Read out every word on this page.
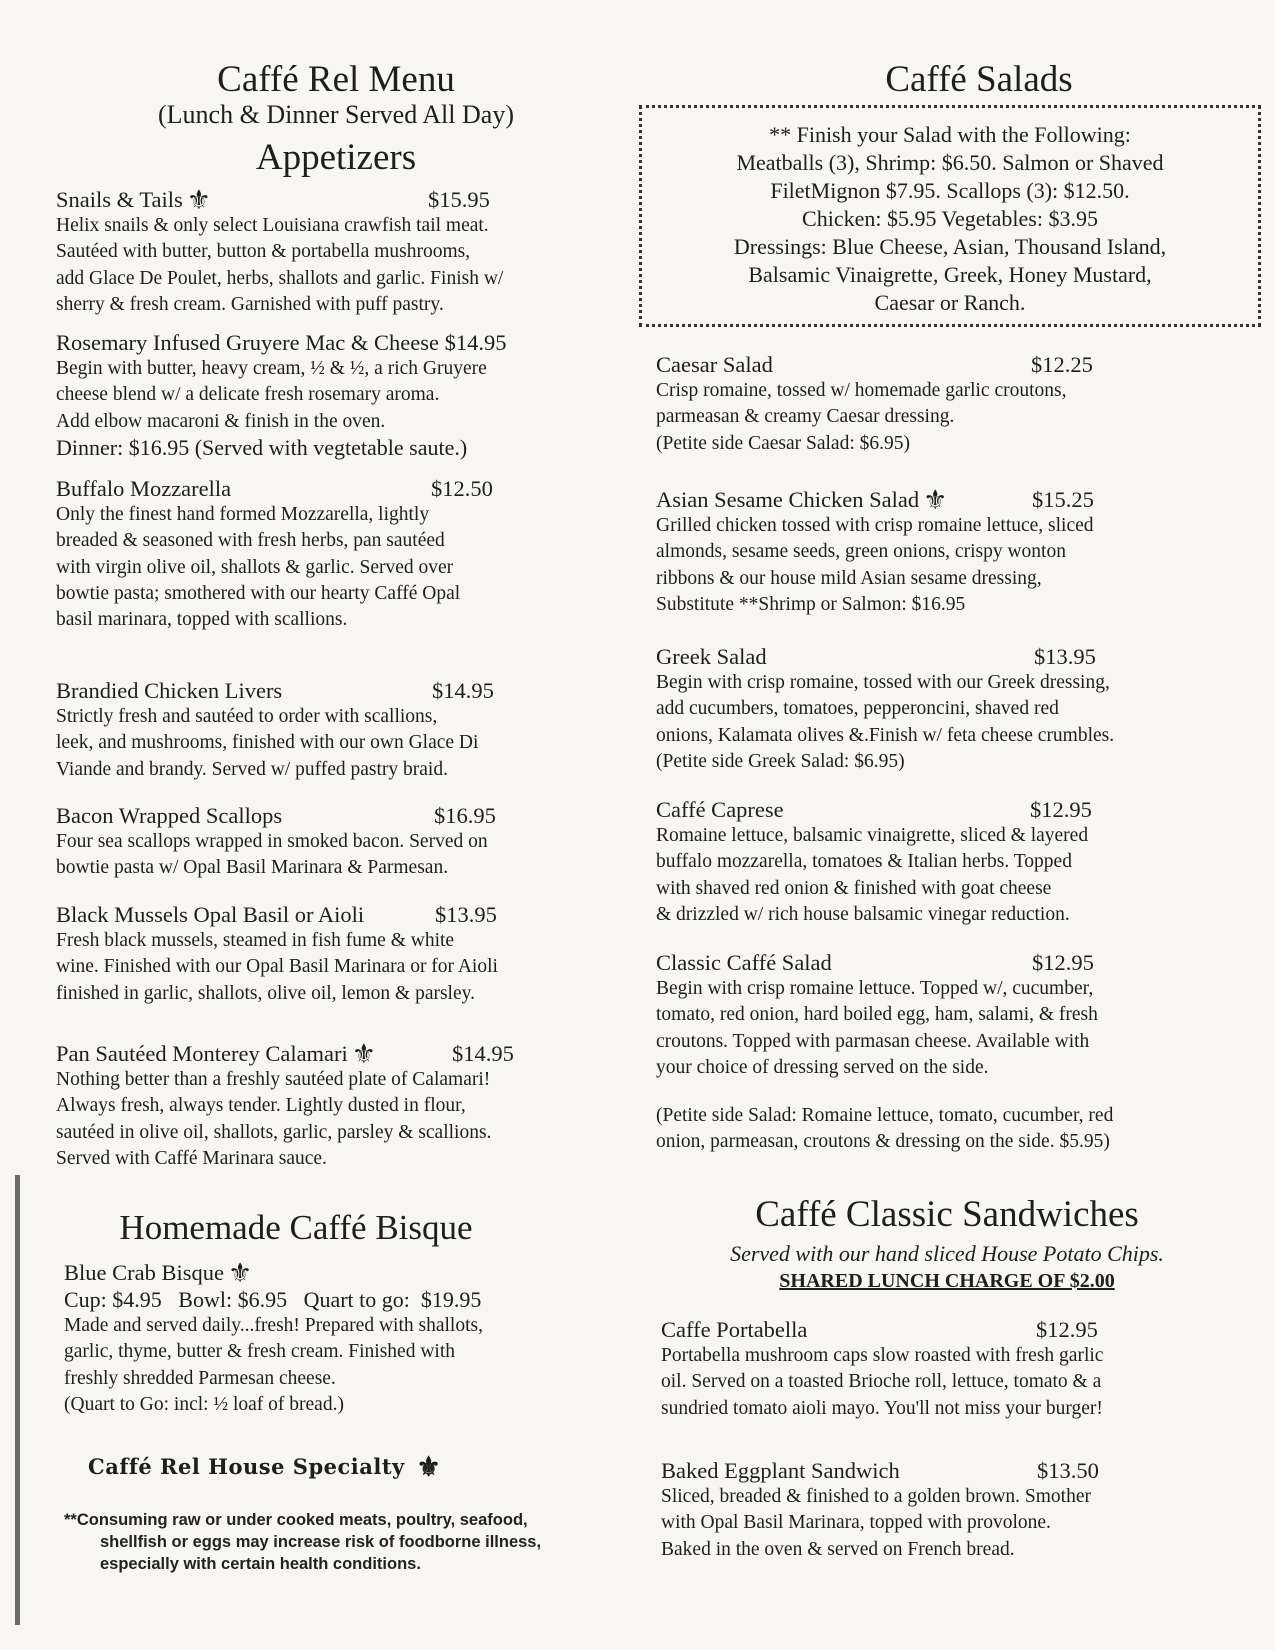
Caffé Rel Menu
(Lunch & Dinner Served All Day)
Appetizers
Snails & Tails ⚜	$15.95
Helix snails & only select Louisiana crawfish tail meat.
Sautéed with butter, button & portabella mushrooms,
add Glace De Poulet, herbs, shallots and garlic. Finish w/
sherry & fresh cream. Garnished with puff pastry.
Rosemary Infused Gruyere Mac & Cheese $14.95
Begin with butter, heavy cream, ½ & ½, a rich Gruyere
cheese blend w/ a delicate fresh rosemary aroma.
Add elbow macaroni & finish in the oven.
Dinner: $16.95 (Served with vegtetable saute.)
Buffalo Mozzarella	$12.50
Only the finest hand formed Mozzarella, lightly
breaded & seasoned with fresh herbs, pan sautéed
with virgin olive oil, shallots & garlic. Served over
bowtie pasta; smothered with our hearty Caffé Opal
basil marinara, topped with scallions.
Brandied Chicken Livers	$14.95
Strictly fresh and sautéed to order with scallions,
leek, and mushrooms, finished with our own Glace Di
Viande and brandy. Served w/ puffed pastry braid.
Bacon Wrapped Scallops	$16.95
Four sea scallops wrapped in smoked bacon. Served on
bowtie pasta w/ Opal Basil Marinara & Parmesan.
Black Mussels Opal Basil or Aioli	$13.95
Fresh black mussels, steamed in fish fume & white
wine. Finished with our Opal Basil Marinara or for Aioli
finished in garlic, shallots, olive oil, lemon & parsley.
Pan Sautéed Monterey Calamari ⚜	$14.95
Nothing better than a freshly sautéed plate of Calamari!
Always fresh, always tender. Lightly dusted in flour,
sautéed in olive oil, shallots, garlic, parsley & scallions.
Served with Caffé Marinara sauce.
Homemade Caffé Bisque
Blue Crab Bisque ⚜
Cup: $4.95   Bowl: $6.95   Quart to go:  $19.95
Made and served daily...fresh! Prepared with shallots,
garlic, thyme, butter & fresh cream. Finished with
freshly shredded Parmesan cheese.
(Quart to Go: incl: ½ loaf of bread.)
Caffé Rel House Specialty ⚜
**Consuming raw or under cooked meats, poultry, seafood,
shellfish or eggs may increase risk of foodborne illness,
especially with certain health conditions.
Caffé Salads
** Finish your Salad with the Following:
Meatballs (3), Shrimp: $6.50. Salmon or Shaved
FiletMignon $7.95. Scallops (3): $12.50.
Chicken: $5.95 Vegetables: $3.95
Dressings: Blue Cheese, Asian, Thousand Island,
Balsamic Vinaigrette, Greek, Honey Mustard,
Caesar or Ranch.
Caesar Salad	$12.25
Crisp romaine, tossed w/ homemade garlic croutons,
parmeasan & creamy Caesar dressing.
(Petite side Caesar Salad: $6.95)
Asian Sesame Chicken Salad ⚜	$15.25
Grilled chicken tossed with crisp romaine lettuce, sliced
almonds, sesame seeds, green onions, crispy wonton
ribbons & our house mild Asian sesame dressing,
Substitute **Shrimp or Salmon: $16.95
Greek Salad	$13.95
Begin with crisp romaine, tossed with our Greek dressing,
add cucumbers, tomatoes, pepperoncini, shaved red
onions, Kalamata olives &.Finish w/ feta cheese crumbles.
(Petite side Greek Salad: $6.95)
Caffé Caprese	$12.95
Romaine lettuce, balsamic vinaigrette, sliced & layered
buffalo mozzarella, tomatoes & Italian herbs. Topped
with shaved red onion & finished with goat cheese
& drizzled w/ rich house balsamic vinegar reduction.
Classic Caffé Salad	$12.95
Begin with crisp romaine lettuce. Topped w/, cucumber,
tomato, red onion, hard boiled egg, ham, salami, & fresh
croutons. Topped with parmasan cheese. Available with
your choice of dressing served on the side.
(Petite side Salad: Romaine lettuce, tomato, cucumber, red
onion, parmeasan, croutons & dressing on the side. $5.95)
Caffé Classic Sandwiches
Served with our hand sliced House Potato Chips.
SHARED LUNCH CHARGE OF $2.00
Caffe Portabella	$12.95
Portabella mushroom caps slow roasted with fresh garlic
oil. Served on a toasted Brioche roll, lettuce, tomato & a
sundried tomato aioli mayo. You'll not miss your burger!
Baked Eggplant Sandwich	$13.50
Sliced, breaded & finished to a golden brown. Smother
with Opal Basil Marinara, topped with provolone.
Baked in the oven & served on French bread.
